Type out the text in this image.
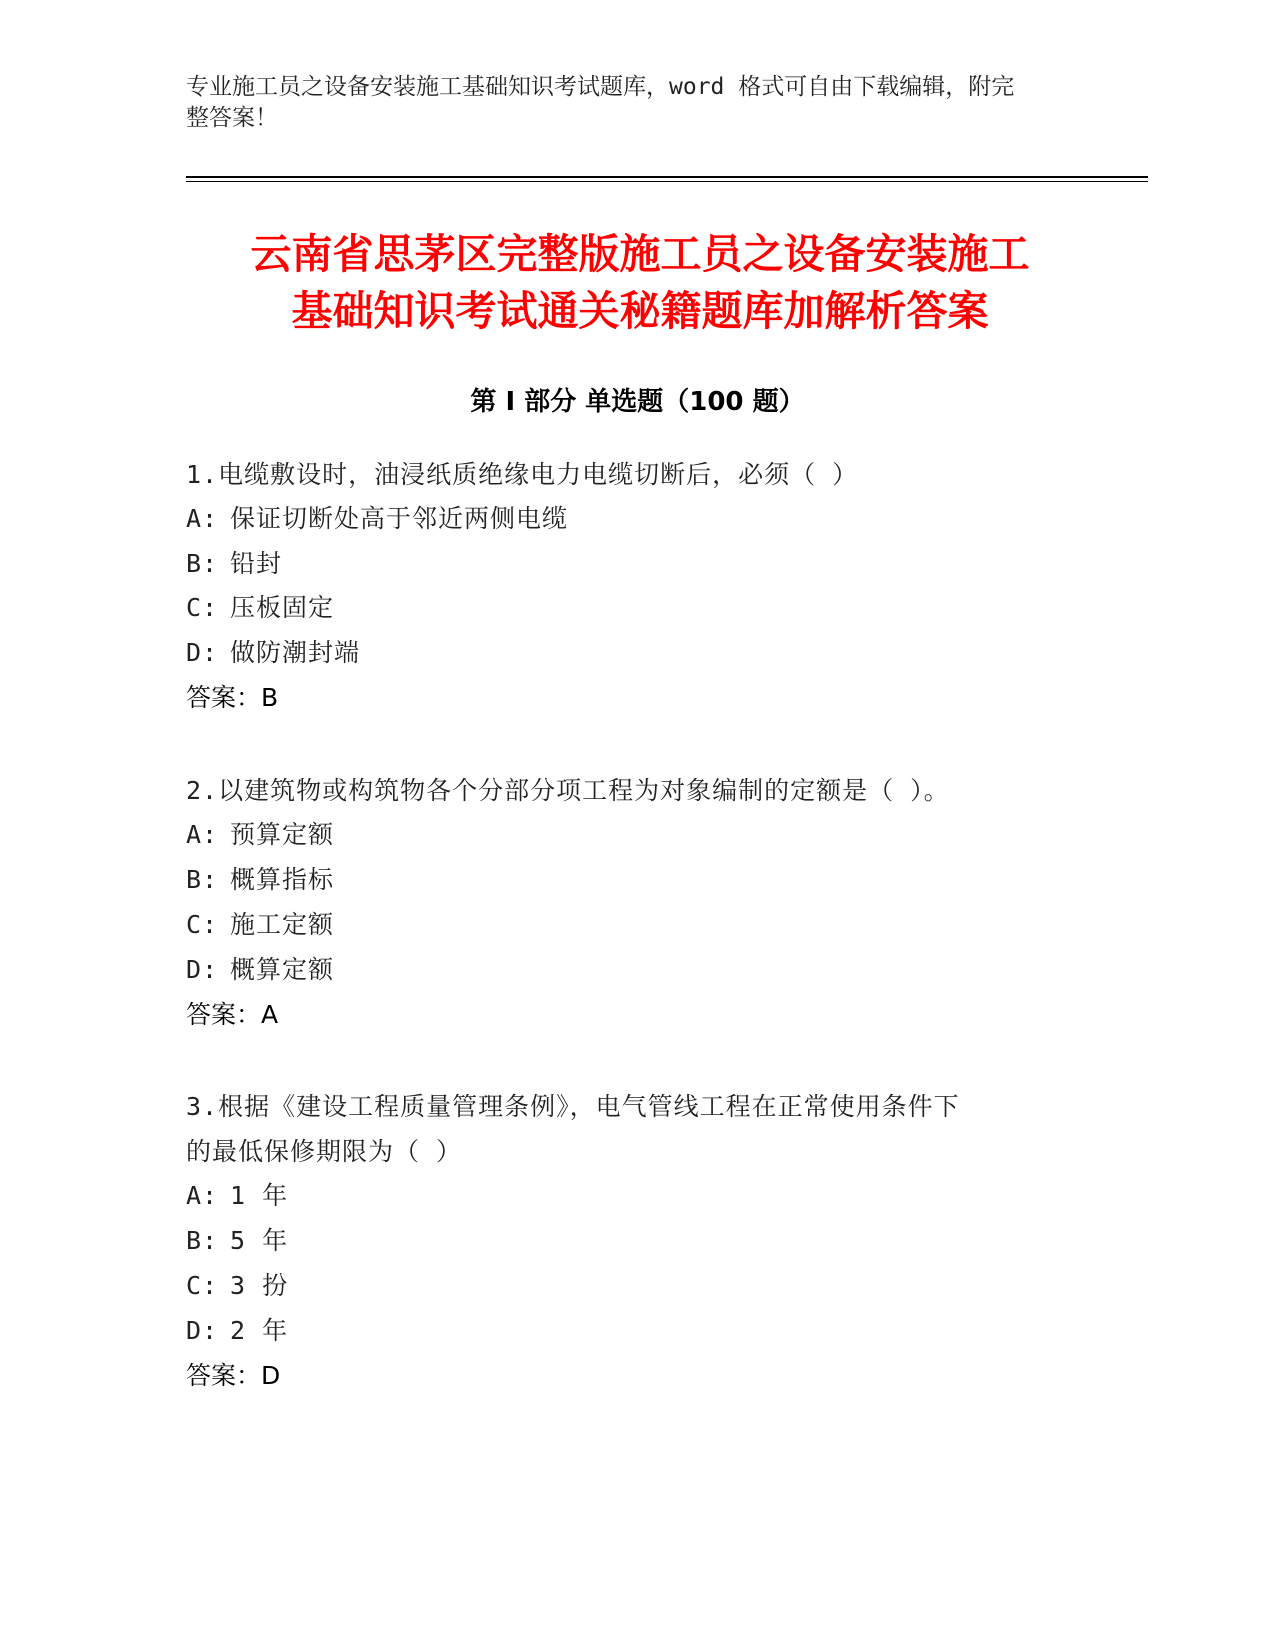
专业施工员之设备安装施工基础知识考试题库，word 格式可自由下载编辑，附完
整答案！

云南省思茅区完整版施工员之设备安装施工
基础知识考试通关秘籍题库加解析答案
第 I 部分 单选题（100 题）

1.电缆敷设时，油浸纸质绝缘电力电缆切断后，必须（ ）

A: 保证切断处高于邻近两侧电缆

B: 铅封

C: 压板固定

D: 做防潮封端

答案：B

2.以建筑物或构筑物各个分部分项工程为对象编制的定额是（ ）。

A: 预算定额

B: 概算指标

C: 施工定额

D: 概算定额

答案：A

3.根据《建设工程质量管理条例》，电气管线工程在正常使用条件下
的最低保修期限为（ ）

A: 1 年

B: 5 年

C: 3 扮

D: 2 年

答案：D
